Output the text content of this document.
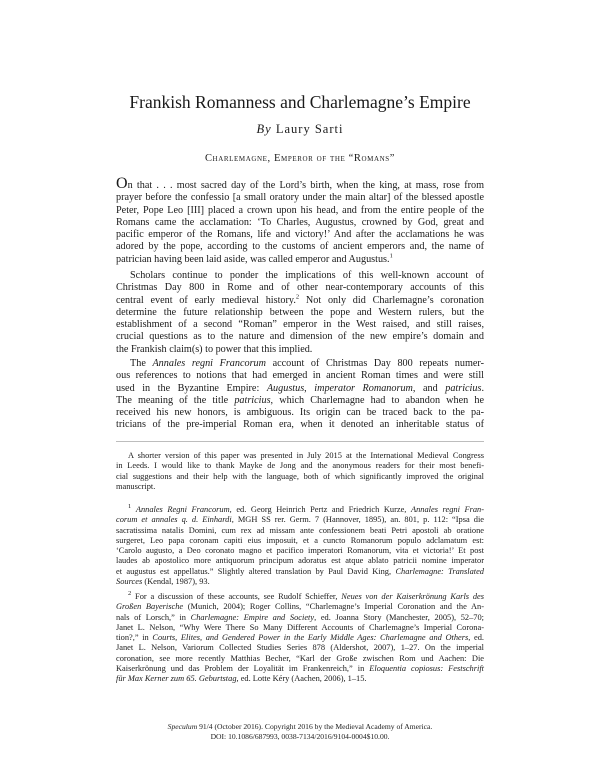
Frankish Romanness and Charlemagne’s Empire
By Laury Sarti
Charlemagne, Emperor of the “Romans”
On that . . . most sacred day of the Lord’s birth, when the king, at mass, rose from
prayer before the confessio [a small oratory under the main altar] of the blessed apostle
Peter, Pope Leo [III] placed a crown upon his head, and from the entire people of the
Romans came the acclamation: ‘To Charles, Augustus, crowned by God, great and
pacific emperor of the Romans, life and victory!’ And after the acclamations he was
adored by the pope, according to the customs of ancient emperors and, the name of
patrician having been laid aside, was called emperor and Augustus.$^1$
Scholars continue to ponder the implications of this well-known account of
Christmas Day 800 in Rome and of other near-contemporary accounts of this
central event of early medieval history.$^2$ Not only did Charlemagne’s coronation
determine the future relationship between the pope and Western rulers, but the
establishment of a second “Roman” emperor in the West raised, and still raises,
crucial questions as to the nature and dimension of the new empire’s domain and
the Frankish claim(s) to power that this implied.
The Annales regni Francorum account of Christmas Day 800 repeats numer-
ous references to notions that had emerged in ancient Roman times and were still
used in the Byzantine Empire: Augustus, imperator Romanorum, and patricius.
The meaning of the title patricius, which Charlemagne had to abandon when he
received his new honors, is ambiguous. Its origin can be traced back to the pa-
tricians of the pre-imperial Roman era, when it denoted an inheritable status of
A shorter version of this paper was presented in July 2015 at the International Medieval Congress
in Leeds. I would like to thank Mayke de Jong and the anonymous readers for their most benefi-
cial suggestions and their help with the language, both of which significantly improved the original
manuscript.
$^1$ Annales Regni Francorum, ed. Georg Heinrich Pertz and Friedrich Kurze, Annales regni Fran-
corum et annales q. d. Einhardi, MGH SS rer. Germ. 7 (Hannover, 1895), an. 801, p. 112: “Ipsa die
sacratissima natalis Domini, cum rex ad missam ante confessionem beati Petri apostoli ab oratione
surgeret, Leo papa coronam capiti eius imposuit, et a cuncto Romanorum populo adclamatum est:
‘Carolo augusto, a Deo coronato magno et pacifico imperatori Romanorum, vita et victoria!’ Et post
laudes ab apostolico more antiquorum principum adoratus est atque ablato patricii nomine imperator
et augustus est appellatus.” Slightly altered translation by Paul David King, Charlemagne: Translated
Sources (Kendal, 1987), 93.
$^2$ For a discussion of these accounts, see Rudolf Schieffer, Neues von der Kaiserkrönung Karls des
Großen Bayerische (Munich, 2004); Roger Collins, “Charlemagne’s Imperial Coronation and the An-
nals of Lorsch,” in Charlemagne: Empire and Society, ed. Joanna Story (Manchester, 2005), 52–70;
Janet L. Nelson, “Why Were There So Many Different Accounts of Charlemagne’s Imperial Corona-
tion?,” in Courts, Elites, and Gendered Power in the Early Middle Ages: Charlemagne and Others, ed.
Janet L. Nelson, Variorum Collected Studies Series 878 (Aldershot, 2007), 1–27. On the imperial
coronation, see more recently Matthias Becher, “Karl der Große zwischen Rom und Aachen: Die
Kaiserkrönung und das Problem der Loyalität im Frankenreich,” in Eloquentia copiosus: Festschrift
für Max Kerner zum 65. Geburtstag, ed. Lotte Kéry (Aachen, 2006), 1–15.
Speculum 91/4 (October 2016). Copyright 2016 by the Medieval Academy of America.
DOI: 10.1086/687993, 0038-7134/2016/9104-0004$10.00.
